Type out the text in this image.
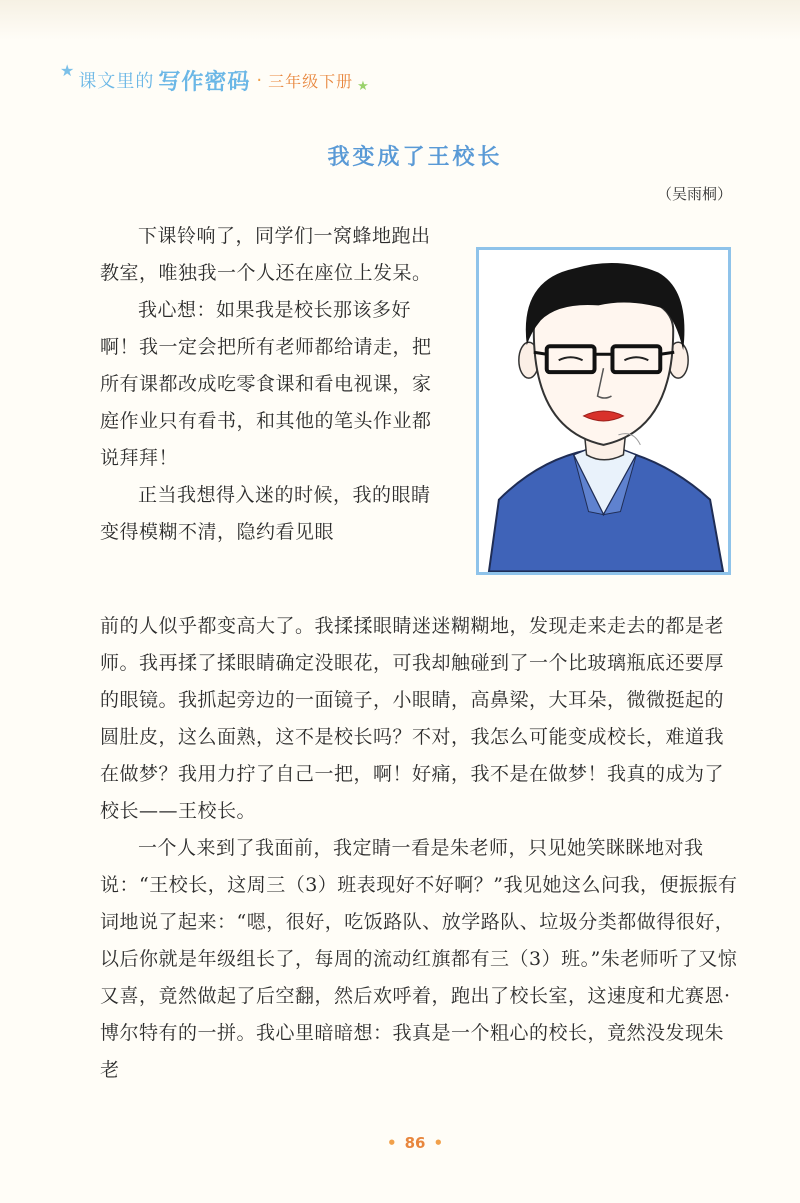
★
课文里的 写作密码 · 三年级下册 ★
我变成了王校长
（吴雨桐）

下课铃响了，同学们一窝蜂地跑出教室，唯独我一个人还在座位上发呆。

我心想：如果我是校长那该多好啊！我一定会把所有老师都给请走，把所有课都改成吃零食课和看电视课，家庭作业只有看书，和其他的笔头作业都说拜拜！

正当我想得入迷的时候，我的眼睛变得模糊不清，隐约看见眼

前的人似乎都变高大了。我揉揉眼睛迷迷糊糊地，发现走来走去的都是老师。我再揉了揉眼睛确定没眼花，可我却触碰到了一个比玻璃瓶底还要厚的眼镜。我抓起旁边的一面镜子，小眼睛，高鼻梁，大耳朵，微微挺起的圆肚皮，这么面熟，这不是校长吗？不对，我怎么可能变成校长，难道我在做梦？我用力拧了自己一把，啊！好痛，我不是在做梦！我真的成为了校长——王校长。

一个人来到了我面前，我定睛一看是朱老师，只见她笑眯眯地对我说：“王校长，这周三（3）班表现好不好啊？”我见她这么问我，便振振有词地说了起来：“嗯，很好，吃饭路队、放学路队、垃圾分类都做得很好，以后你就是年级组长了，每周的流动红旗都有三（3）班。”朱老师听了又惊又喜，竟然做起了后空翻，然后欢呼着，跑出了校长室，这速度和尤赛恩·博尔特有的一拼。我心里暗暗想：我真是一个粗心的校长，竟然没发现朱老

• 86 •
